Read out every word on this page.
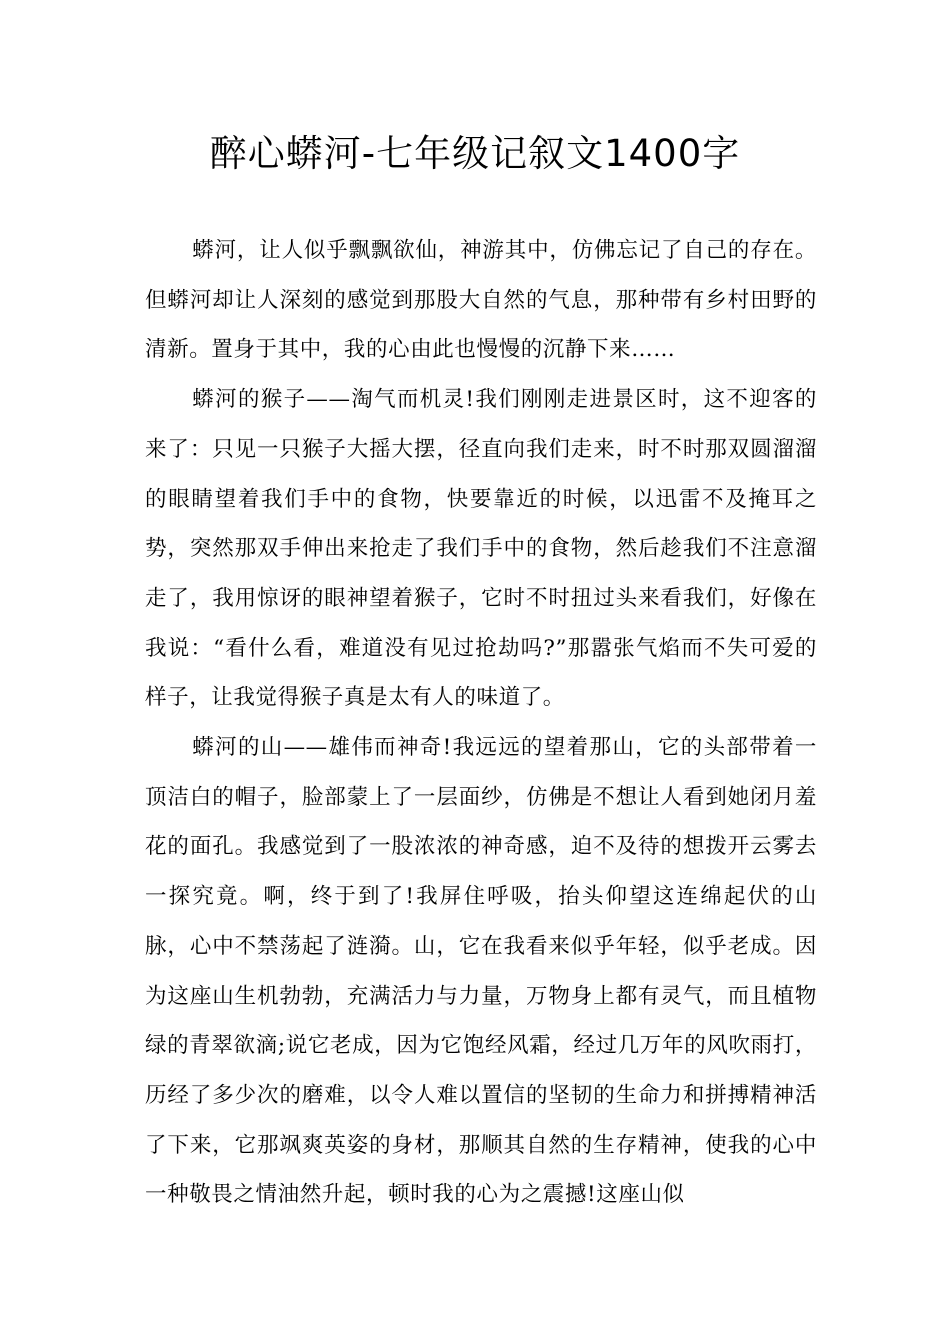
醉心蟒河-七年级记叙文1400字

蟒河，让人似乎飘飘欲仙，神游其中，仿佛忘记了自己的存在。但蟒河却让人深刻的感觉到那股大自然的气息，那种带有乡村田野的清新。置身于其中，我的心由此也慢慢的沉静下来……

蟒河的猴子——淘气而机灵!我们刚刚走进景区时，这不迎客的来了：只见一只猴子大摇大摆，径直向我们走来，时不时那双圆溜溜的眼睛望着我们手中的食物，快要靠近的时候，以迅雷不及掩耳之势，突然那双手伸出来抢走了我们手中的食物，然后趁我们不注意溜走了，我用惊讶的眼神望着猴子，它时不时扭过头来看我们，好像在我说：“看什么看，难道没有见过抢劫吗?”那嚣张气焰而不失可爱的样子，让我觉得猴子真是太有人的味道了。

蟒河的山——雄伟而神奇!我远远的望着那山，它的头部带着一顶洁白的帽子，脸部蒙上了一层面纱，仿佛是不想让人看到她闭月羞花的面孔。我感觉到了一股浓浓的神奇感，迫不及待的想拨开云雾去一探究竟。啊，终于到了!我屏住呼吸，抬头仰望这连绵起伏的山脉，心中不禁荡起了涟漪。山，它在我看来似乎年轻，似乎老成。因为这座山生机勃勃，充满活力与力量，万物身上都有灵气，而且植物绿的青翠欲滴;说它老成，因为它饱经风霜，经过几万年的风吹雨打，历经了多少次的磨难，以令人难以置信的坚韧的生命力和拼搏精神活了下来，它那飒爽英姿的身材，那顺其自然的生存精神，使我的心中一种敬畏之情油然升起，顿时我的心为之震撼!这座山似
